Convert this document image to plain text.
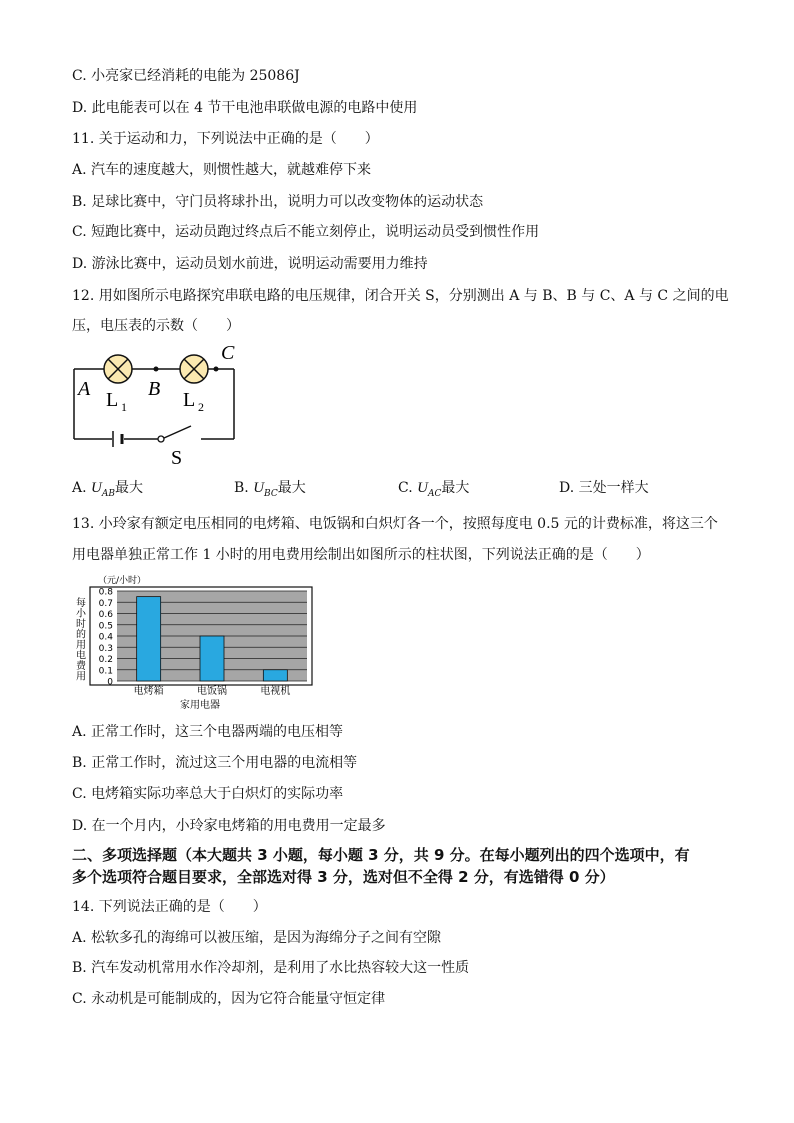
C. 小亮家已经消耗的电能为 25086J
D. 此电能表可以在 4 节干电池串联做电源的电路中使用
11. 关于运动和力，下列说法中正确的是（　　）
A. 汽车的速度越大，则惯性越大，就越难停下来
B. 足球比赛中，守门员将球扑出，说明力可以改变物体的运动状态
C. 短跑比赛中，运动员跑过终点后不能立刻停止，说明运动员受到惯性作用
D. 游泳比赛中，运动员划水前进，说明运动需要用力维持
12. 用如图所示电路探究串联电路的电压规律，闭合开关 S，分别测出 A 与 B、B 与 C、A 与 C 之间的电
压，电压表的示数（　　）
A	B
C
L 1	L 2
S
A. $U_{AB}$最大	B. $U_{BC}$最大	C. $U_{AC}$最大	D. 三处一样大
13. 小玲家有额定电压相同的电烤箱、电饭锅和白炽灯各一个，按照每度电 0.5 元的计费标准，将这三个
用电器单独正常工作 1 小时的用电费用绘制出如图所示的柱状图，下列说法正确的是（　　）
（元/小时）
每
小
时
的
用
电
费
用 0
0.1
0.2
0.3
0.4
0.5
0.6
0.7
0.8
电烤箱	电饭锅	电视机
家用电器
A. 正常工作时，这三个电器两端的电压相等
B. 正常工作时，流过这三个用电器的电流相等
C. 电烤箱实际功率总大于白炽灯的实际功率
D. 在一个月内，小玲家电烤箱的用电费用一定最多
二、多项选择题（本大题共 3 小题，每小题 3 分，共 9 分。在每小题列出的四个选项中，有
多个选项符合题目要求，全部选对得 3 分，选对但不全得 2 分，有选错得 0 分）
14. 下列说法正确的是（　　）
A. 松软多孔的海绵可以被压缩，是因为海绵分子之间有空隙
B. 汽车发动机常用水作冷却剂，是利用了水比热容较大这一性质
C. 永动机是可能制成的，因为它符合能量守恒定律
